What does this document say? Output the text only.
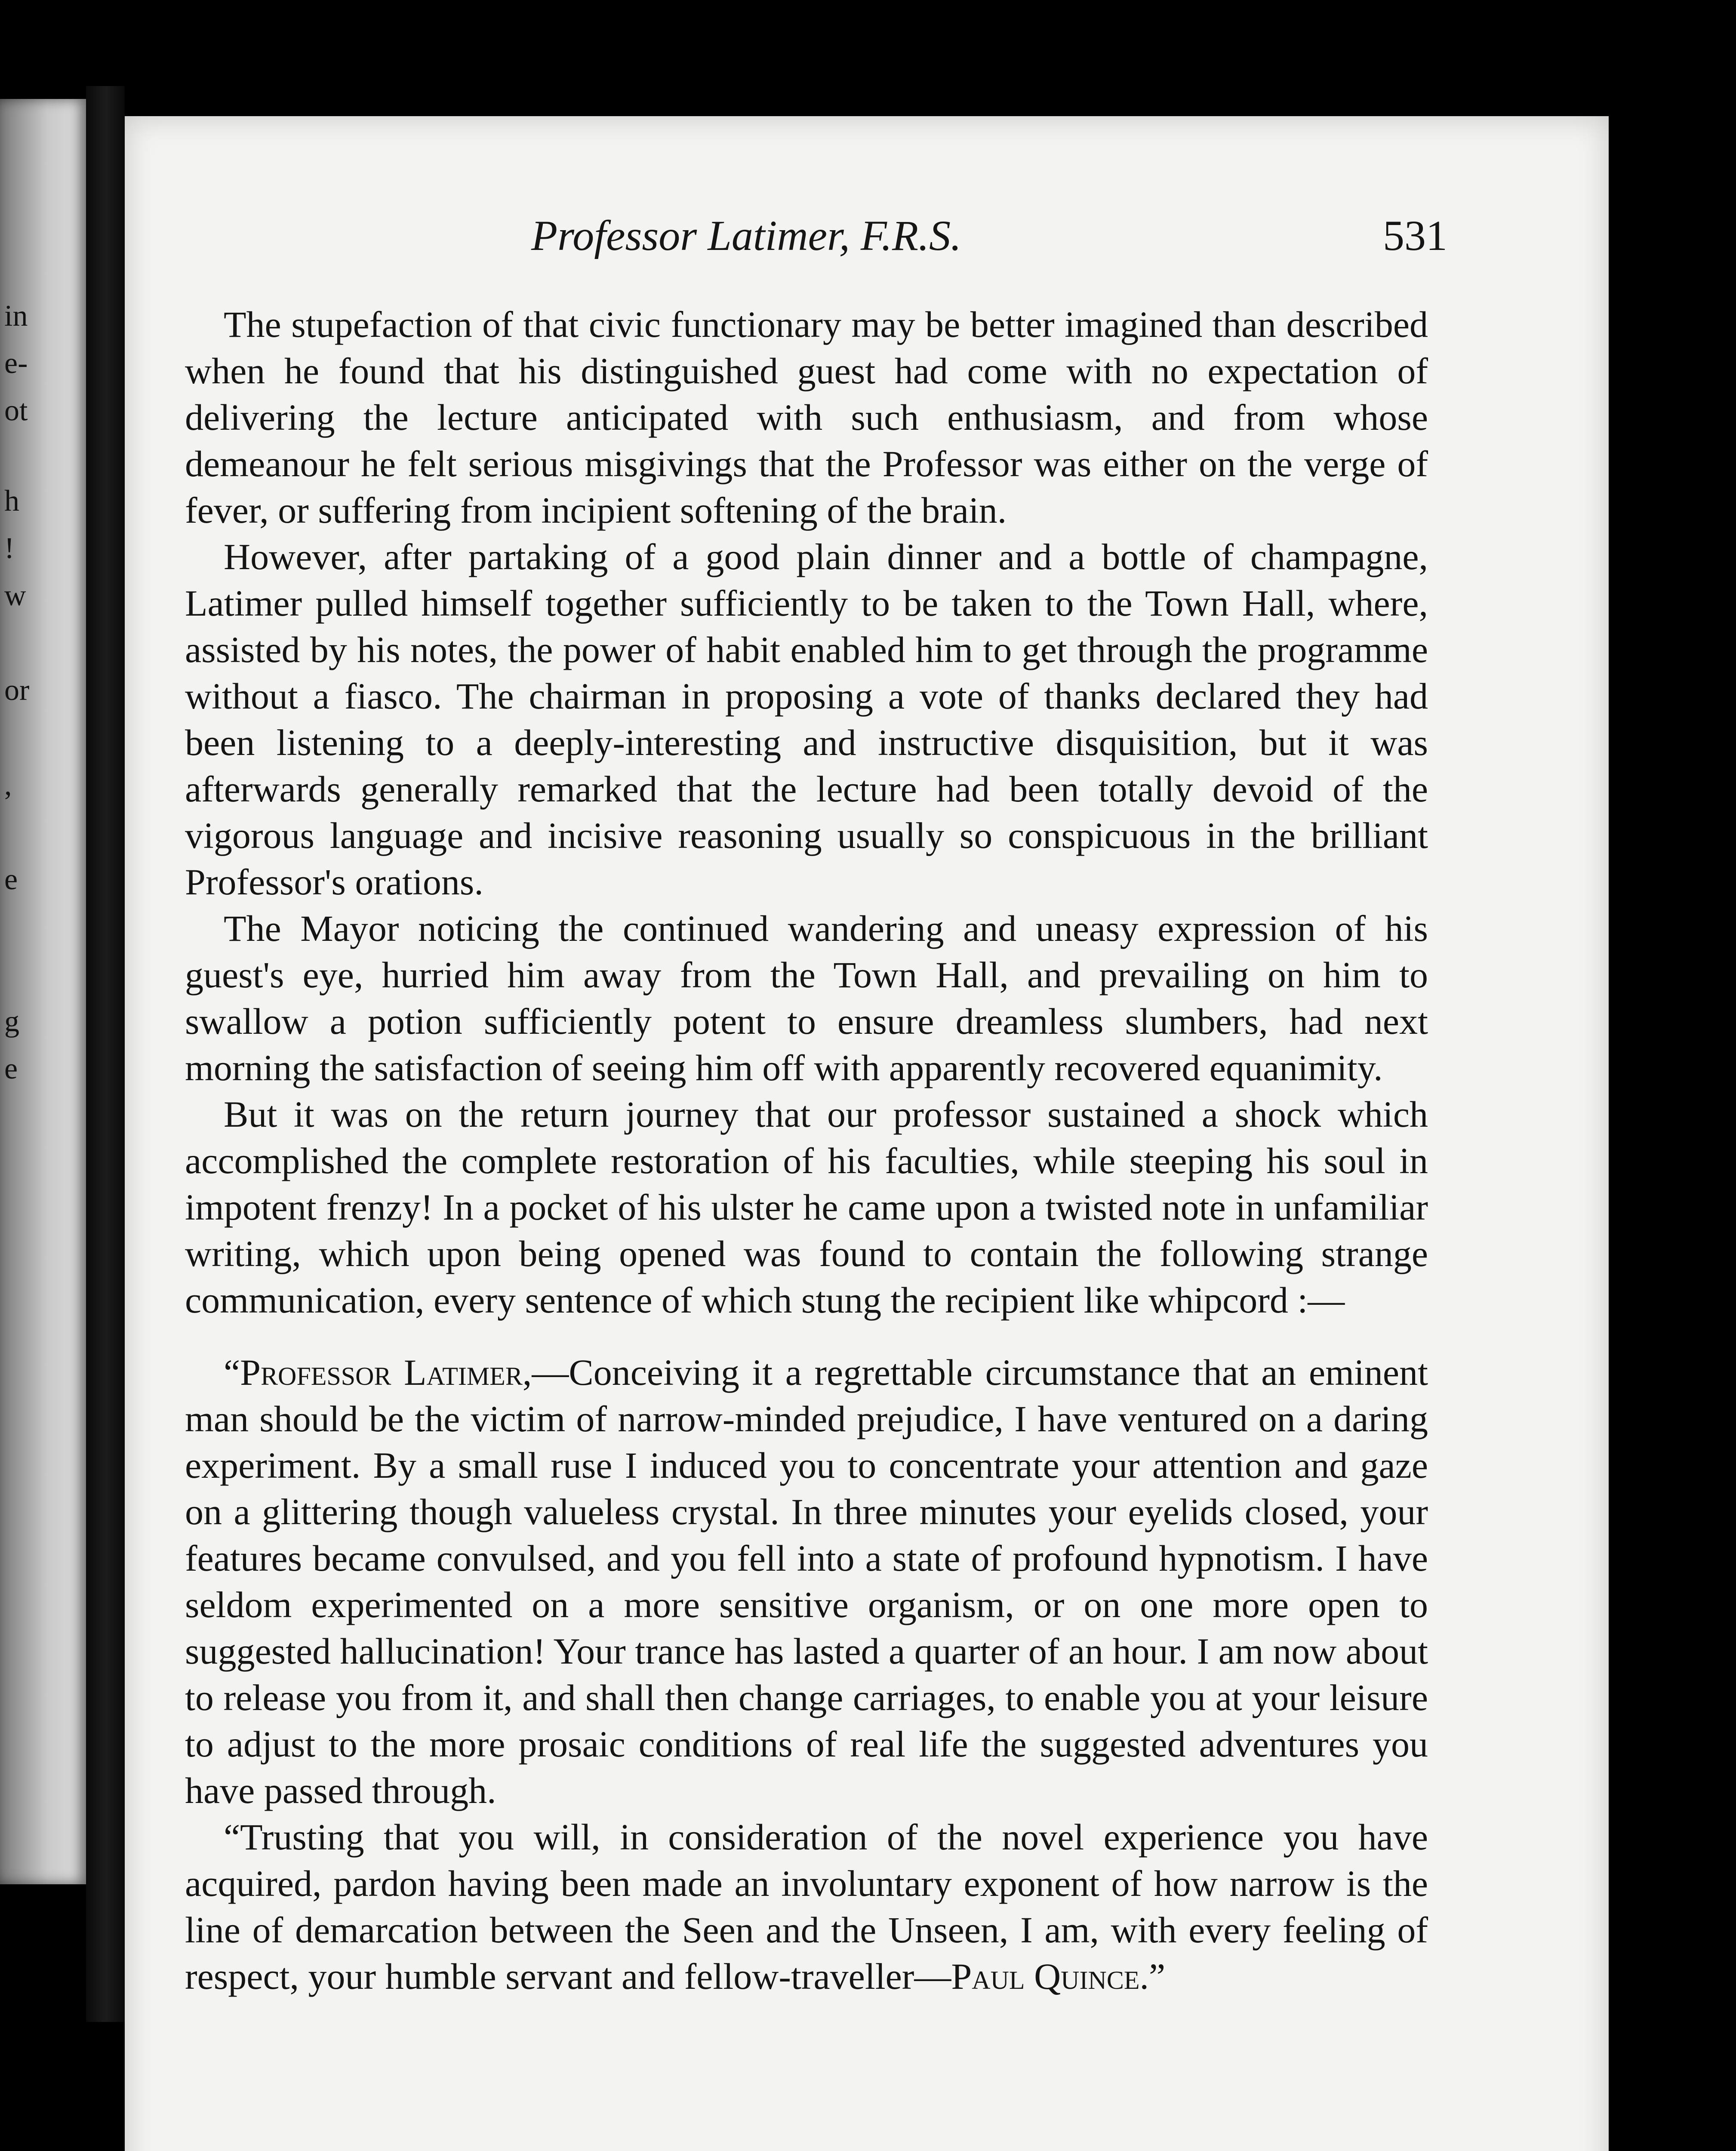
in
e-
ot
h
!
w
or
,
e
g
e
Professor Latimer, F.R.S.	531

The stupefaction of that civic functionary may be better imagined than described when he found that his distinguished guest had come with no expectation of delivering the lecture anticipated with such enthusiasm, and from whose demeanour he felt serious misgivings that the Professor was either on the verge of fever, or suffering from incipient softening of the brain.

However, after partaking of a good plain dinner and a bottle of champagne, Latimer pulled himself together sufficiently to be taken to the Town Hall, where, assisted by his notes, the power of habit enabled him to get through the programme without a fiasco. The chairman in proposing a vote of thanks declared they had been listening to a deeply-interesting and instructive disquisition, but it was afterwards generally remarked that the lecture had been totally devoid of the vigorous language and incisive reasoning usually so conspicuous in the brilliant Professor's orations.

The Mayor noticing the continued wandering and uneasy expression of his guest's eye, hurried him away from the Town Hall, and prevailing on him to swallow a potion sufficiently potent to ensure dreamless slumbers, had next morning the satisfaction of seeing him off with apparently recovered equanimity.

But it was on the return journey that our professor sustained a shock which accomplished the complete restoration of his faculties, while steeping his soul in impotent frenzy! In a pocket of his ulster he came upon a twisted note in unfamiliar writing, which upon being opened was found to contain the following strange communication, every sentence of which stung the recipient like whipcord :—

“Professor Latimer,—Conceiving it a regrettable circumstance that an eminent man should be the victim of narrow-minded prejudice, I have ventured on a daring experiment. By a small ruse I induced you to concentrate your attention and gaze on a glittering though valueless crystal. In three minutes your eyelids closed, your features became convulsed, and you fell into a state of profound hypnotism. I have seldom experimented on a more sensitive organism, or on one more open to suggested hallucination! Your trance has lasted a quarter of an hour. I am now about to release you from it, and shall then change carriages, to enable you at your leisure to adjust to the more prosaic conditions of real life the suggested adventures you have passed through.

“Trusting that you will, in consideration of the novel experience you have acquired, pardon having been made an involuntary exponent of how narrow is the line of demarcation between the Seen and the Unseen, I am, with every feeling of respect, your humble servant and fellow-traveller—Paul Quince.”
